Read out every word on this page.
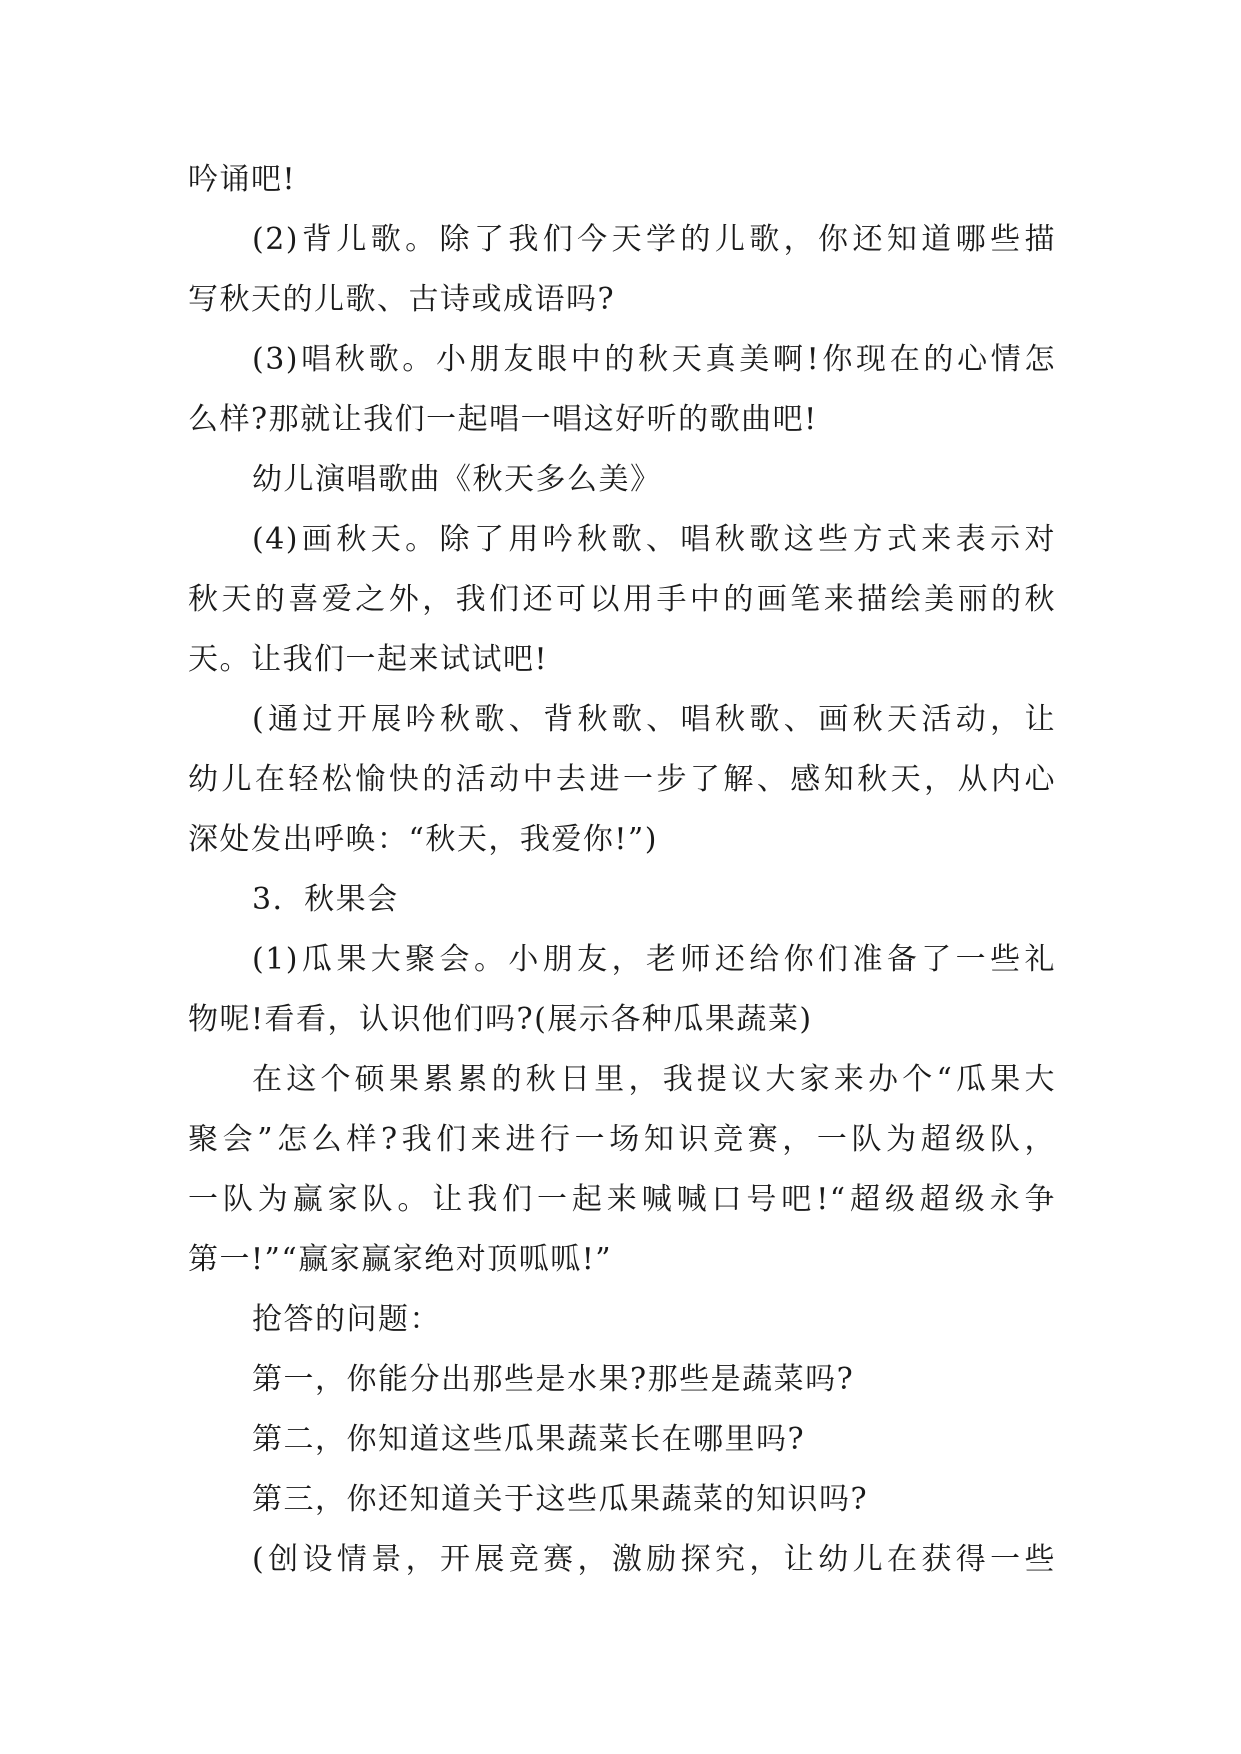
吟诵吧!
(2)背儿歌。除了我们今天学的儿歌，你还知道哪些描
写秋天的儿歌、古诗或成语吗?
(3)唱秋歌。小朋友眼中的秋天真美啊!你现在的心情怎
么样?那就让我们一起唱一唱这好听的歌曲吧!
幼儿演唱歌曲《秋天多么美》
(4)画秋天。除了用吟秋歌、唱秋歌这些方式来表示对
秋天的喜爱之外，我们还可以用手中的画笔来描绘美丽的秋
天。让我们一起来试试吧!
(通过开展吟秋歌、背秋歌、唱秋歌、画秋天活动，让
幼儿在轻松愉快的活动中去进一步了解、感知秋天，从内心
深处发出呼唤：“秋天，我爱你!”)
3．秋果会
(1)瓜果大聚会。小朋友，老师还给你们准备了一些礼
物呢!看看，认识他们吗?(展示各种瓜果蔬菜)
在这个硕果累累的秋日里，我提议大家来办个“瓜果大
聚会”怎么样?我们来进行一场知识竞赛，一队为超级队，
一队为赢家队。让我们一起来喊喊口号吧!“超级超级永争
第一!”“赢家赢家绝对顶呱呱!”
抢答的问题：
第一，你能分出那些是水果?那些是蔬菜吗?
第二，你知道这些瓜果蔬菜长在哪里吗?
第三，你还知道关于这些瓜果蔬菜的知识吗?
(创设情景，开展竞赛，激励探究，让幼儿在获得一些
